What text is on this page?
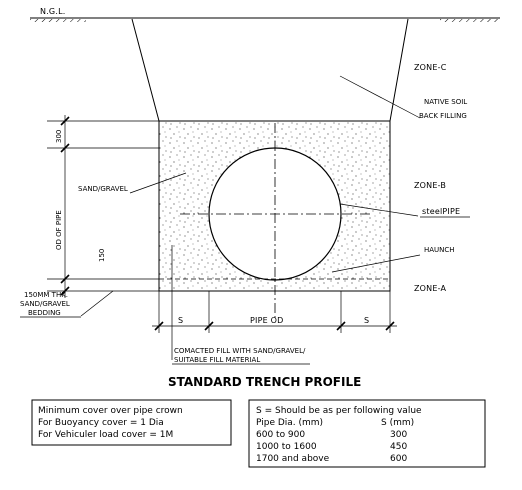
N.G.L.
ZONE-C
ZONE-B
ZONE-A
NATIVE SOIL
BACK FILLING
SAND/GRAVEL
steelPIPE
HAUNCH
300
OD OF PIPE
150
150MM THK.
SAND/GRAVEL
BEDDING
S	PIPE OD	S
COMACTED FILL WITH SAND/GRAVEL/
SUITABLE FILL MATERIAL
STANDARD TRENCH PROFILE
Minimum cover over pipe crown
For Buoyancy cover = 1 Dia
For Vehiculer load cover = 1M
S = Should be as per following value
Pipe Dia. (mm)	S (mm)
600 to 900	300
1000 to 1600	450
1700 and above	600
